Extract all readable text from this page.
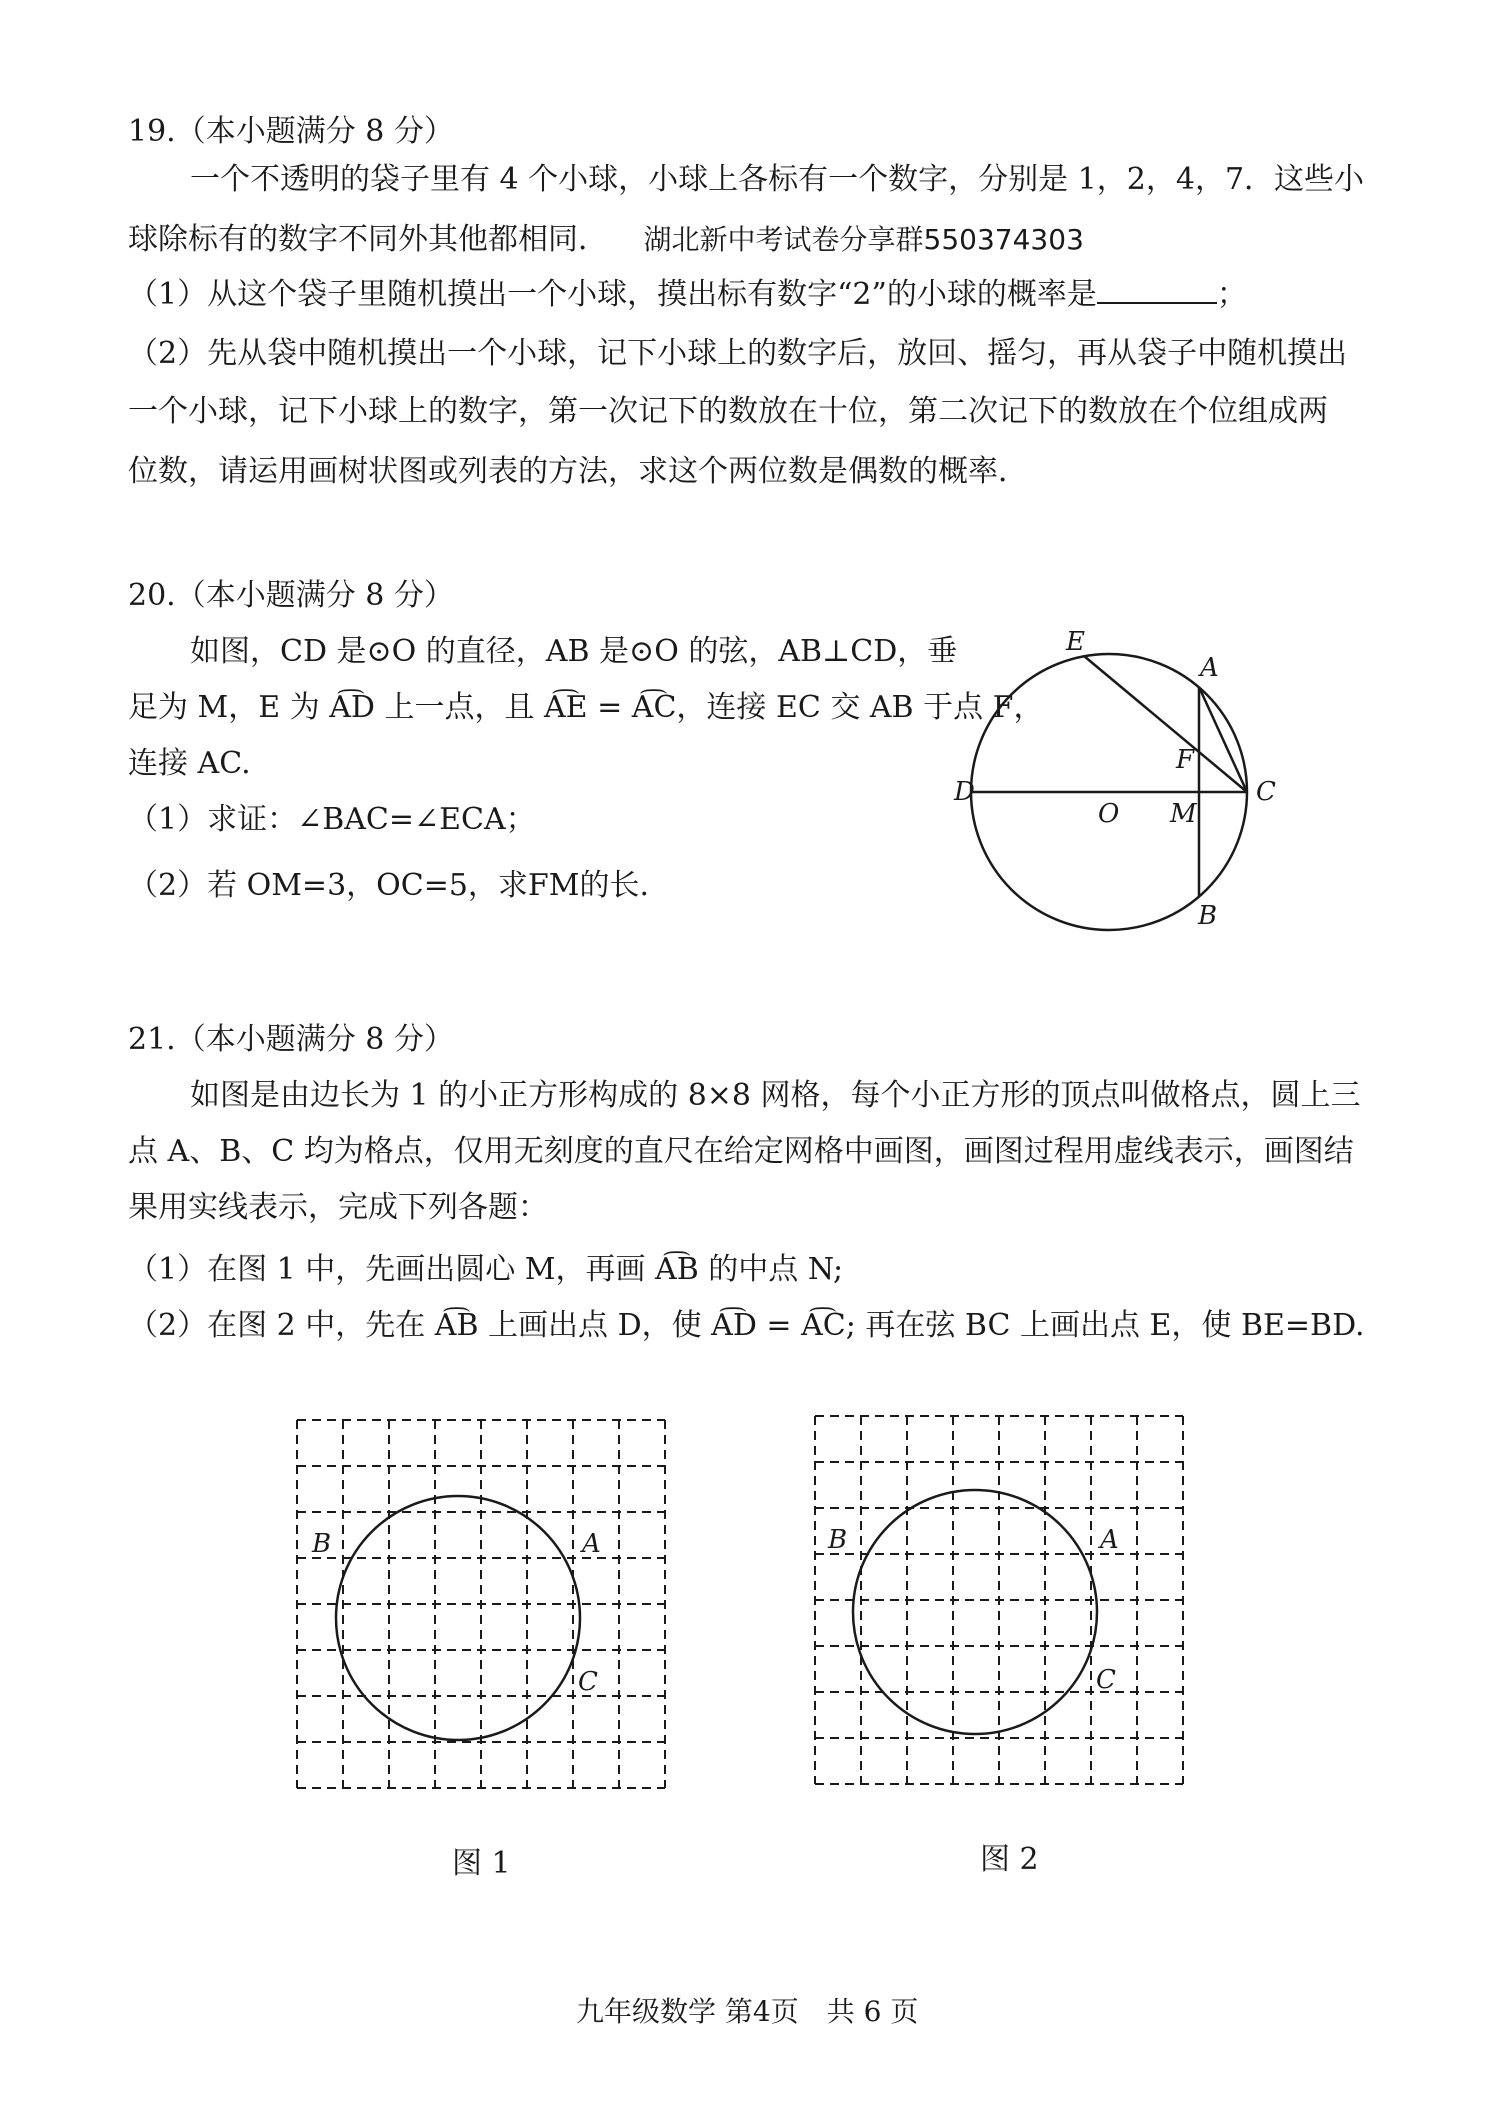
19.（本小题满分 8 分）
一个不透明的袋子里有 4 个小球，小球上各标有一个数字，分别是 1，2，4，7．这些小
球除标有的数字不同外其他都相同． 湖北新中考试卷分享群550374303
（1）从这个袋子里随机摸出一个小球，摸出标有数字“2”的小球的概率是	；
（2）先从袋中随机摸出一个小球，记下小球上的数字后，放回、摇匀，再从袋子中随机摸出
一个小球，记下小球上的数字，第一次记下的数放在十位，第二次记下的数放在个位组成两
位数，请运用画树状图或列表的方法，求这个两位数是偶数的概率．
20.（本小题满分 8 分）
如图，CD 是⊙O 的直径，AB 是⊙O 的弦，AB⊥CD，垂
足为 M，E 为 A͡D 上一点，且 A͡E = A͡C，连接 EC 交 AB 于点 F，
连接 AC.
（1）求证：∠BAC=∠ECA；
（2）若 OM=3，OC=5，求FM的长.
E
A
F
D
O M
C
B
21.（本小题满分 8 分）
如图是由边长为 1 的小正方形构成的 8×8 网格，每个小正方形的顶点叫做格点，圆上三
点 A、B、C 均为格点，仅用无刻度的直尺在给定网格中画图，画图过程用虚线表示，画图结
果用实线表示，完成下列各题：
（1）在图 1 中，先画出圆心 M，再画 A͡B 的中点 N;
（2）在图 2 中，先在 A͡B 上画出点 D，使 A͡D = A͡C; 再在弦 BC 上画出点 E，使 BE=BD.
B	A
C
B	A
C
图 1	图 2
九年级数学 第4页　共 6 页
